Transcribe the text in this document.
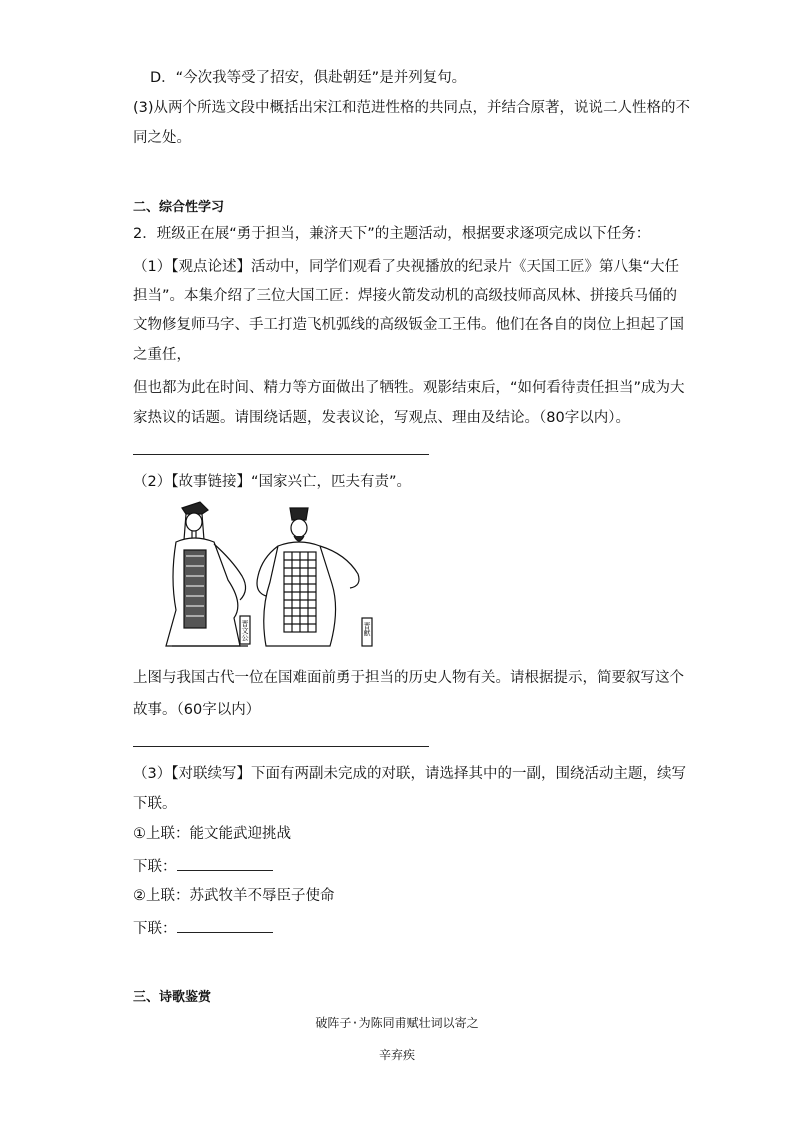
D．“今次我等受了招安，俱赴朝廷”是并列复句。
(3)从两个所选文段中概括出宋江和范进性格的共同点，并结合原著，说说二人性格的不
同之处。
二、综合性学习
2．班级正在展“勇于担当，兼济天下”的主题活动，根据要求逐项完成以下任务：
（1）【观点论述】活动中，同学们观看了央视播放的纪录片《天国工匠》第八集“大任
担当”。本集介绍了三位大国工匠：焊接火箭发动机的高级技师高凤林、拼接兵马俑的
文物修复师马字、手工打造飞机弧线的高级钣金工王伟。他们在各自的岗位上担起了国
之重任，
但也都为此在时间、精力等方面做出了牺牲。观影结束后，“如何看待责任担当”成为大
家热议的话题。请围绕话题，发表议论，写观点、理由及结论。（80字以内）。
（2）【故事链接】“国家兴亡，匹夫有责”。
晋文公	晋献
上图与我国古代一位在国难面前勇于担当的历史人物有关。请根据提示，简要叙写这个
故事。（60字以内）
（3）【对联续写】下面有两副未完成的对联，请选择其中的一副，围绕活动主题，续写
下联。
①上联：能文能武迎挑战
下联：
②上联：苏武牧羊不辱臣子使命
下联：
三、诗歌鉴赏
破阵子·为陈同甫赋壮词以寄之
辛弃疾
